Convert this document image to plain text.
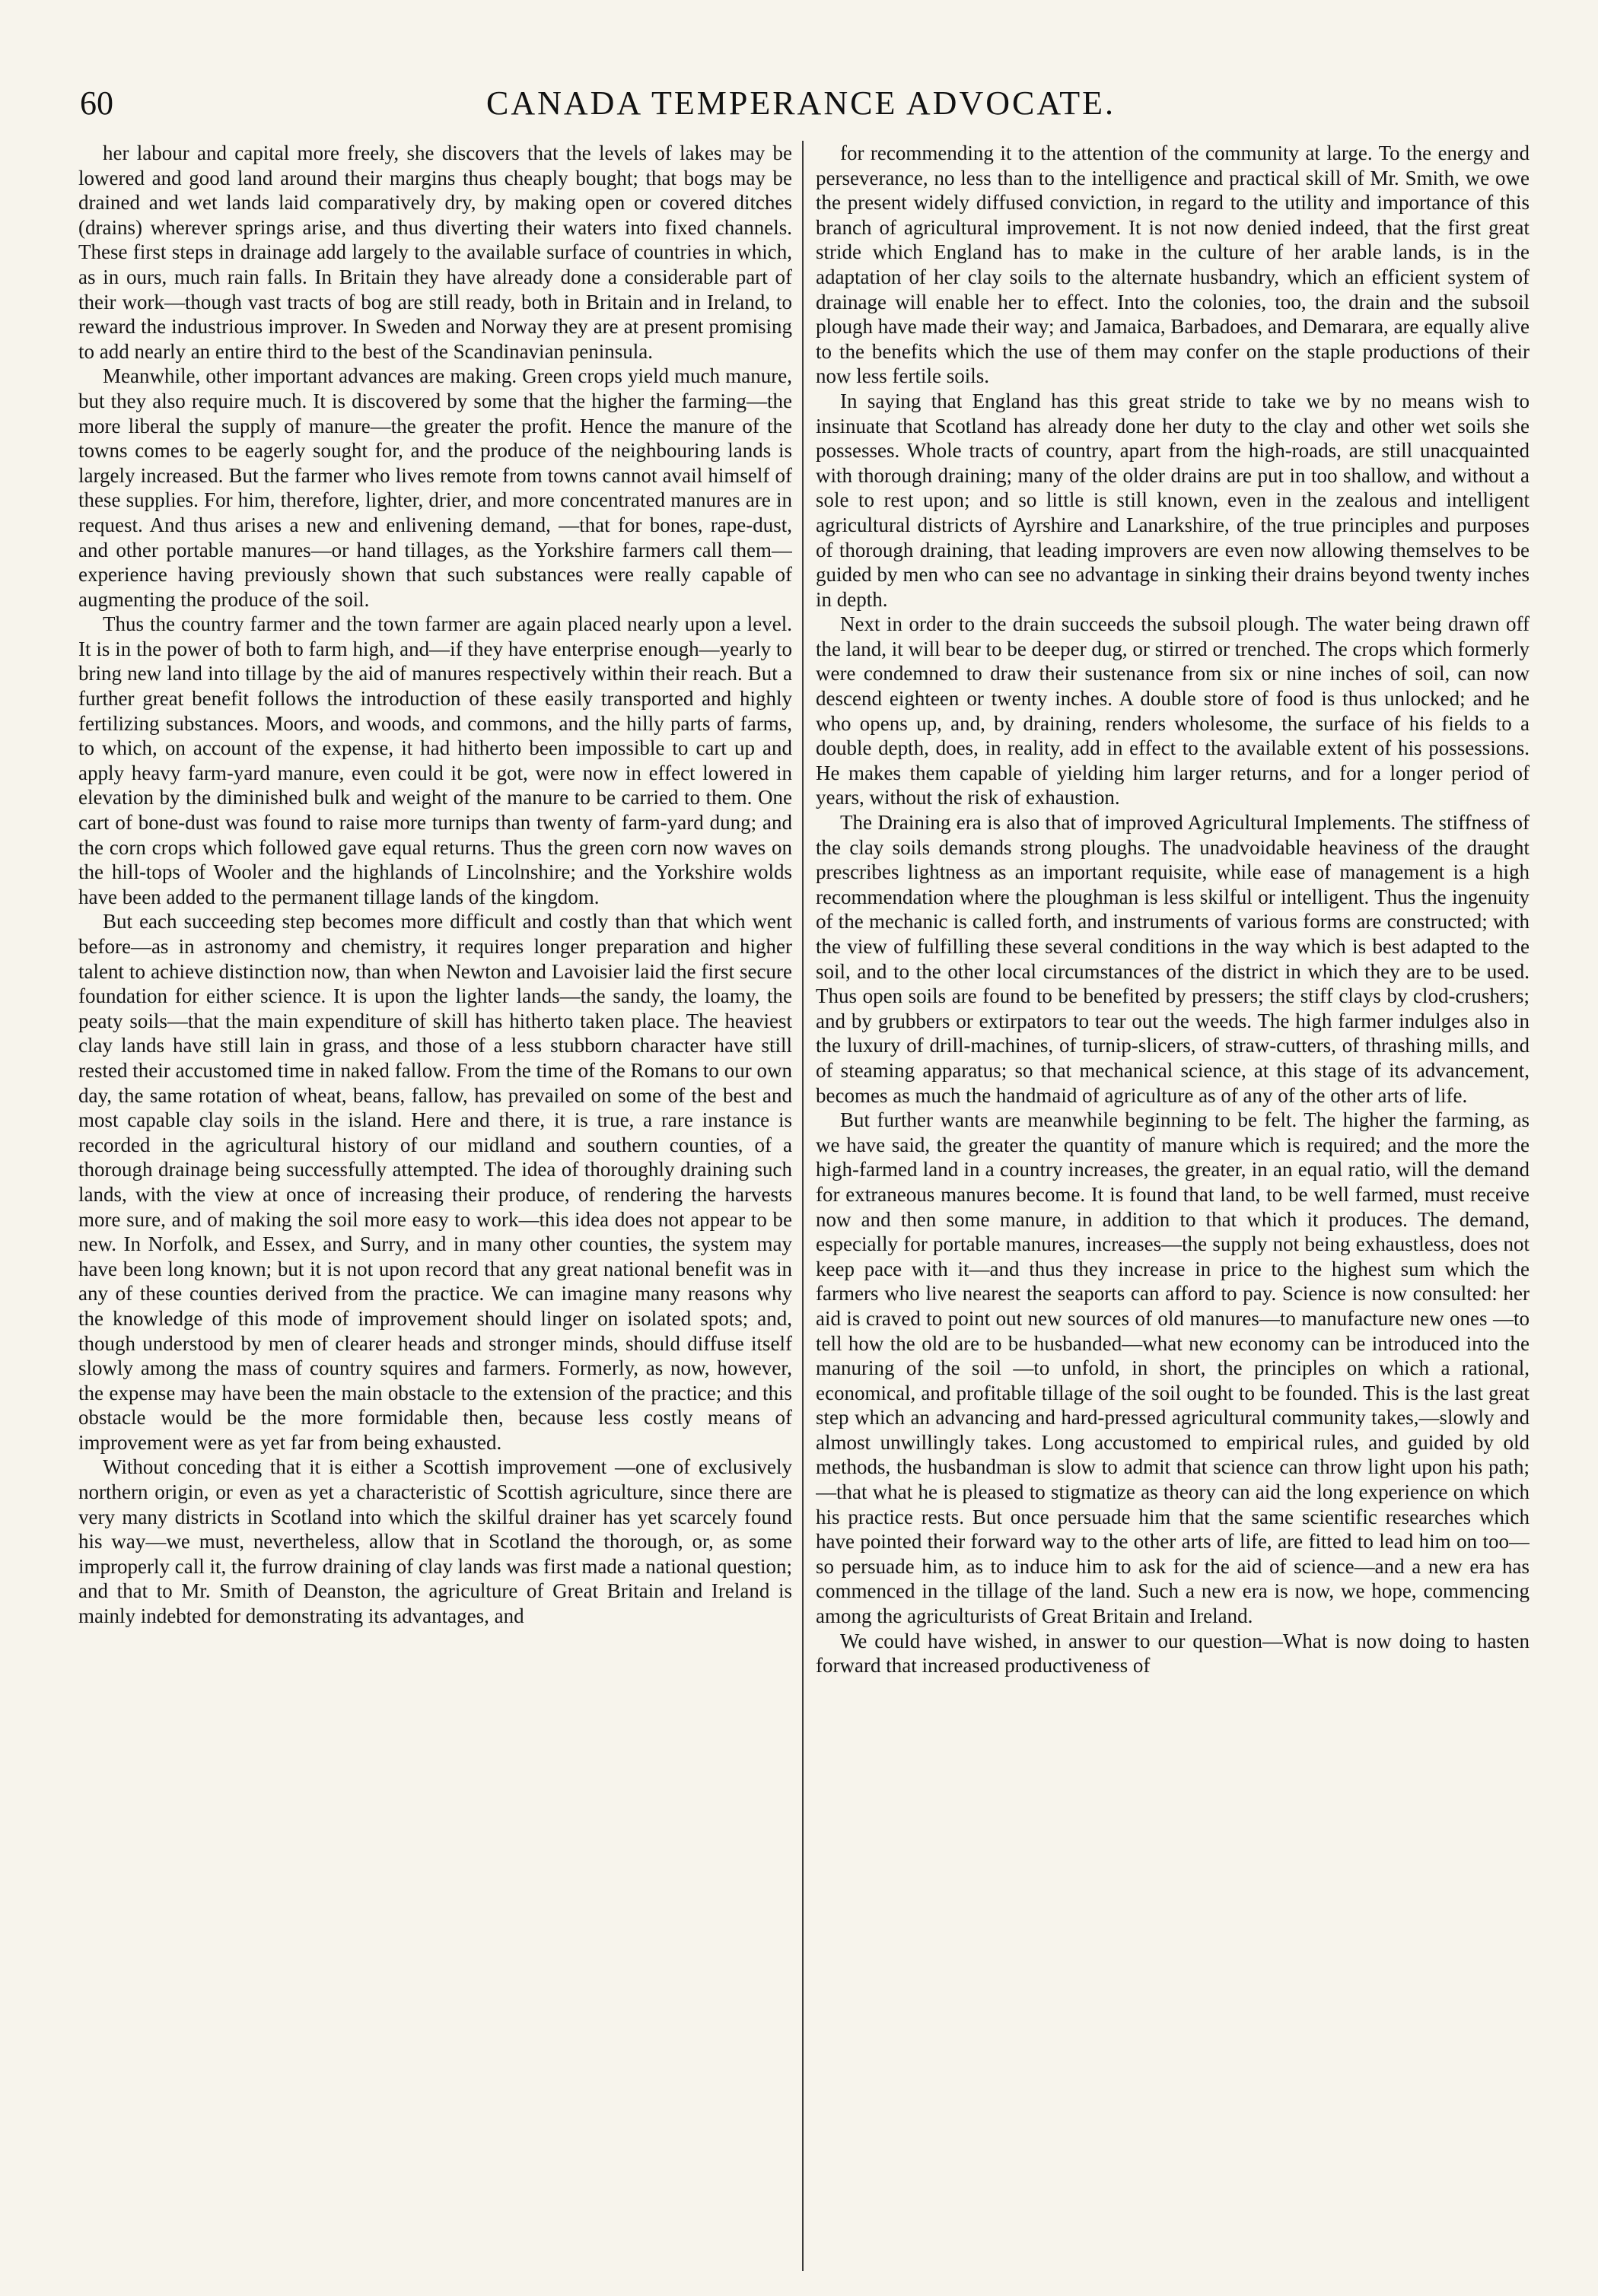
60	CANADA TEMPERANCE ADVOCATE.

her labour and capital more freely, she discovers that the levels of lakes may be lowered and good land around their margins thus cheaply bought; that bogs may be drained and wet lands laid comparatively dry, by making open or covered ditches (drains) wherever springs arise, and thus diverting their waters into fixed channels. These first steps in drainage add largely to the available surface of countries in which, as in ours, much rain falls. In Britain they have already done a considerable part of their work—though vast tracts of bog are still ready, both in Britain and in Ireland, to reward the industrious improver. In Sweden and Norway they are at present promising to add nearly an entire third to the best of the Scandinavian peninsula.

Meanwhile, other important advances are making. Green crops yield much manure, but they also require much. It is discovered by some that the higher the farming—the more liberal the supply of manure—the greater the profit. Hence the manure of the towns comes to be eagerly sought for, and the produce of the neighbouring lands is largely increased. But the farmer who lives remote from towns cannot avail himself of these supplies. For him, therefore, lighter, drier, and more concentrated manures are in request. And thus arises a new and enlivening demand, —that for bones, rape-dust, and other portable manures—or hand tillages, as the Yorkshire farmers call them—experience having previously shown that such substances were really capable of augmenting the produce of the soil.

Thus the country farmer and the town farmer are again placed nearly upon a level. It is in the power of both to farm high, and—if they have enterprise enough—yearly to bring new land into tillage by the aid of manures respectively within their reach. But a further great benefit follows the introduction of these easily transported and highly fertilizing substances. Moors, and woods, and commons, and the hilly parts of farms, to which, on account of the expense, it had hitherto been impossible to cart up and apply heavy farm-yard manure, even could it be got, were now in effect lowered in elevation by the diminished bulk and weight of the manure to be carried to them. One cart of bone-dust was found to raise more turnips than twenty of farm-yard dung; and the corn crops which followed gave equal returns. Thus the green corn now waves on the hill-tops of Wooler and the highlands of Lincolnshire; and the Yorkshire wolds have been added to the permanent tillage lands of the kingdom.

But each succeeding step becomes more difficult and costly than that which went before—as in astronomy and chemistry, it requires longer preparation and higher talent to achieve distinction now, than when Newton and Lavoisier laid the first secure foundation for either science. It is upon the lighter lands—the sandy, the loamy, the peaty soils—that the main expenditure of skill has hitherto taken place. The heaviest clay lands have still lain in grass, and those of a less stubborn character have still rested their accustomed time in naked fallow. From the time of the Romans to our own day, the same rotation of wheat, beans, fallow, has prevailed on some of the best and most capable clay soils in the island. Here and there, it is true, a rare instance is recorded in the agricultural history of our midland and southern counties, of a thorough drainage being successfully attempted. The idea of thoroughly draining such lands, with the view at once of increasing their produce, of rendering the harvests more sure, and of making the soil more easy to work—this idea does not appear to be new. In Norfolk, and Essex, and Surry, and in many other counties, the system may have been long known; but it is not upon record that any great national benefit was in any of these counties derived from the practice. We can imagine many reasons why the knowledge of this mode of improvement should linger on isolated spots; and, though understood by men of clearer heads and stronger minds, should diffuse itself slowly among the mass of country squires and farmers. Formerly, as now, however, the expense may have been the main obstacle to the extension of the practice; and this obstacle would be the more formidable then, because less costly means of improvement were as yet far from being exhausted.

Without conceding that it is either a Scottish improvement —one of exclusively northern origin, or even as yet a characteristic of Scottish agriculture, since there are very many districts in Scotland into which the skilful drainer has yet scarcely found his way—we must, nevertheless, allow that in Scotland the thorough, or, as some improperly call it, the furrow draining of clay lands was first made a national question; and that to Mr. Smith of Deanston, the agriculture of Great Britain and Ireland is mainly indebted for demonstrating its advantages, and

for recommending it to the attention of the community at large. To the energy and perseverance, no less than to the intelligence and practical skill of Mr. Smith, we owe the present widely diffused conviction, in regard to the utility and importance of this branch of agricultural improvement. It is not now denied indeed, that the first great stride which England has to make in the culture of her arable lands, is in the adaptation of her clay soils to the alternate husbandry, which an efficient system of drainage will enable her to effect. Into the colonies, too, the drain and the subsoil plough have made their way; and Jamaica, Barbadoes, and Demarara, are equally alive to the benefits which the use of them may confer on the staple productions of their now less fertile soils.

In saying that England has this great stride to take we by no means wish to insinuate that Scotland has already done her duty to the clay and other wet soils she possesses. Whole tracts of country, apart from the high-roads, are still unacquainted with thorough draining; many of the older drains are put in too shallow, and without a sole to rest upon; and so little is still known, even in the zealous and intelligent agricultural districts of Ayrshire and Lanarkshire, of the true principles and purposes of thorough draining, that leading improvers are even now allowing themselves to be guided by men who can see no advantage in sinking their drains beyond twenty inches in depth.

Next in order to the drain succeeds the subsoil plough. The water being drawn off the land, it will bear to be deeper dug, or stirred or trenched. The crops which formerly were condemned to draw their sustenance from six or nine inches of soil, can now descend eighteen or twenty inches. A double store of food is thus unlocked; and he who opens up, and, by draining, renders wholesome, the surface of his fields to a double depth, does, in reality, add in effect to the available extent of his possessions. He makes them capable of yielding him larger returns, and for a longer period of years, without the risk of exhaustion.

The Draining era is also that of improved Agricultural Implements. The stiffness of the clay soils demands strong ploughs. The unadvoidable heaviness of the draught prescribes lightness as an important requisite, while ease of management is a high recommendation where the ploughman is less skilful or intelligent. Thus the ingenuity of the mechanic is called forth, and instruments of various forms are constructed; with the view of fulfilling these several conditions in the way which is best adapted to the soil, and to the other local circumstances of the district in which they are to be used. Thus open soils are found to be benefited by pressers; the stiff clays by clod-crushers; and by grubbers or extirpators to tear out the weeds. The high farmer indulges also in the luxury of drill-machines, of turnip-slicers, of straw-cutters, of thrashing mills, and of steaming apparatus; so that mechanical science, at this stage of its advancement, becomes as much the handmaid of agriculture as of any of the other arts of life.

But further wants are meanwhile beginning to be felt. The higher the farming, as we have said, the greater the quantity of manure which is required; and the more the high-farmed land in a country increases, the greater, in an equal ratio, will the demand for extraneous manures become. It is found that land, to be well farmed, must receive now and then some manure, in addition to that which it produces. The demand, especially for portable manures, increases—the supply not being exhaustless, does not keep pace with it—and thus they increase in price to the highest sum which the farmers who live nearest the seaports can afford to pay. Science is now consulted: her aid is craved to point out new sources of old manures—to manufacture new ones —to tell how the old are to be husbanded—what new economy can be introduced into the manuring of the soil —to unfold, in short, the principles on which a rational, economical, and profitable tillage of the soil ought to be founded. This is the last great step which an advancing and hard-pressed agricultural community takes,—slowly and almost unwillingly takes. Long accustomed to empirical rules, and guided by old methods, the husbandman is slow to admit that science can throw light upon his path;—that what he is pleased to stigmatize as theory can aid the long experience on which his practice rests. But once persuade him that the same scientific researches which have pointed their forward way to the other arts of life, are fitted to lead him on too—so persuade him, as to induce him to ask for the aid of science—and a new era has commenced in the tillage of the land. Such a new era is now, we hope, commencing among the agriculturists of Great Britain and Ireland.

We could have wished, in answer to our question—What is now doing to hasten forward that increased productiveness of
